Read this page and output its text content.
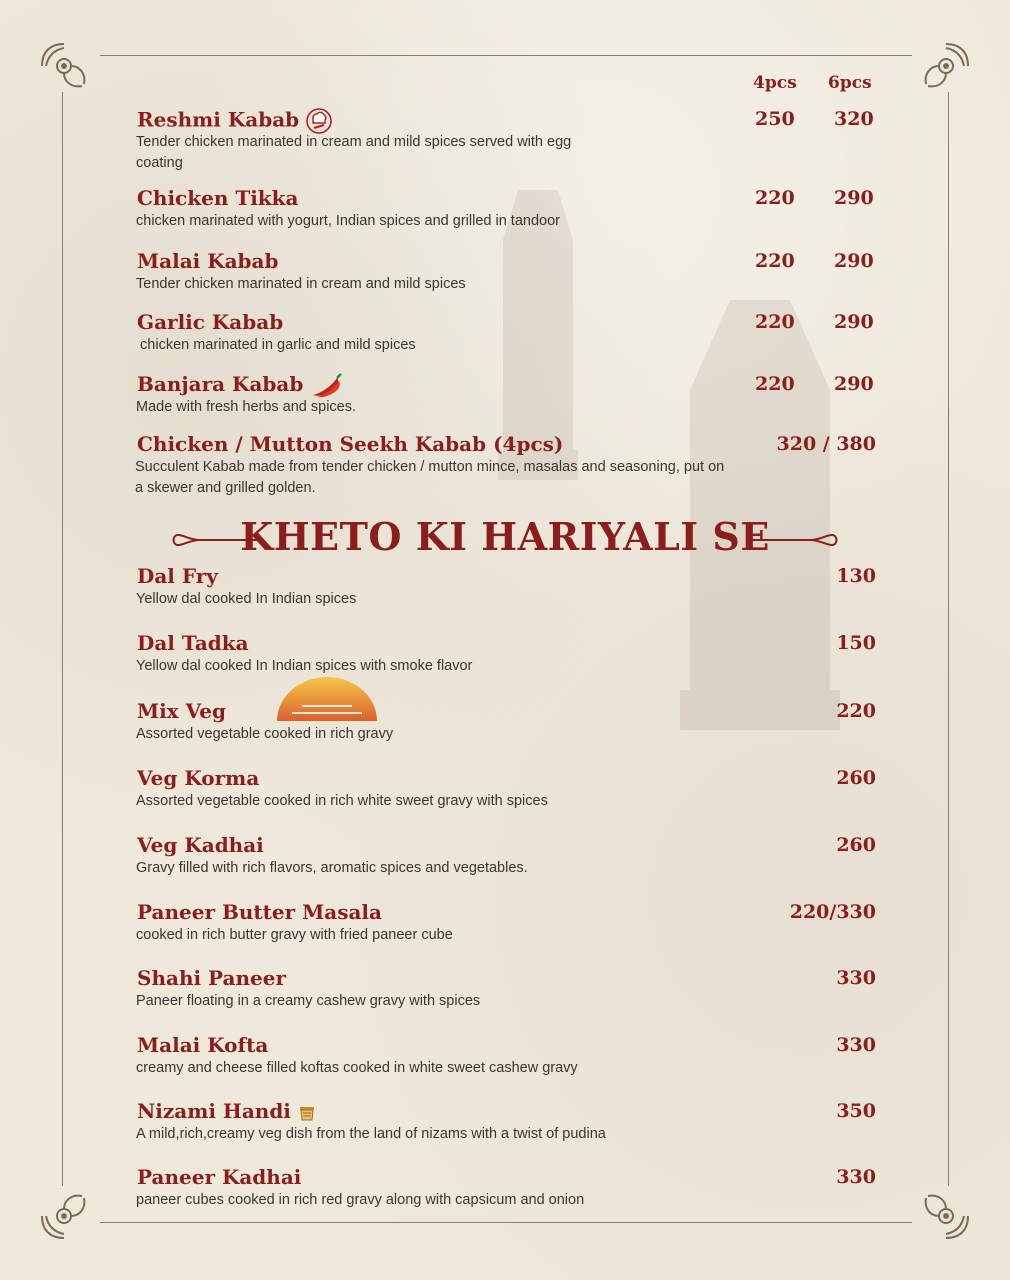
4pcs 6pcs
Reshmi Kabab
Tender chicken marinated in cream and mild spices served with egg coating
250 320
Chicken Tikka
chicken marinated with yogurt, Indian spices and grilled in tandoor
220 290
Malai Kabab
Tender chicken marinated in cream and mild spices
220 290
Garlic Kabab
chicken marinated in garlic and mild spices
220 290
Banjara Kabab
Made with fresh herbs and spices.
220 290
Chicken / Mutton Seekh Kabab (4pcs)
Succulent Kabab made from tender chicken / mutton mince, masalas and seasoning, put on a skewer and grilled golden.
320 / 380
KHETO KI HARIYALI SE
Dal Fry
Yellow dal cooked In Indian spices
130
Dal Tadka
Yellow dal cooked In Indian spices with smoke flavor
150
Mix Veg
Assorted vegetable cooked in rich gravy
220
Veg Korma
Assorted vegetable cooked in rich white sweet gravy with spices
260
Veg Kadhai
Gravy filled with rich flavors, aromatic spices and vegetables.
260
Paneer Butter Masala
cooked in rich butter gravy with fried paneer cube
220/330
Shahi Paneer
Paneer floating in a creamy cashew gravy with spices
330
Malai Kofta
creamy and cheese filled koftas cooked in white sweet cashew gravy
330
Nizami Handi
A mild,rich,creamy veg dish from the land of nizams with a twist of pudina
350
Paneer Kadhai
paneer cubes cooked in rich red gravy along with capsicum and onion
330
